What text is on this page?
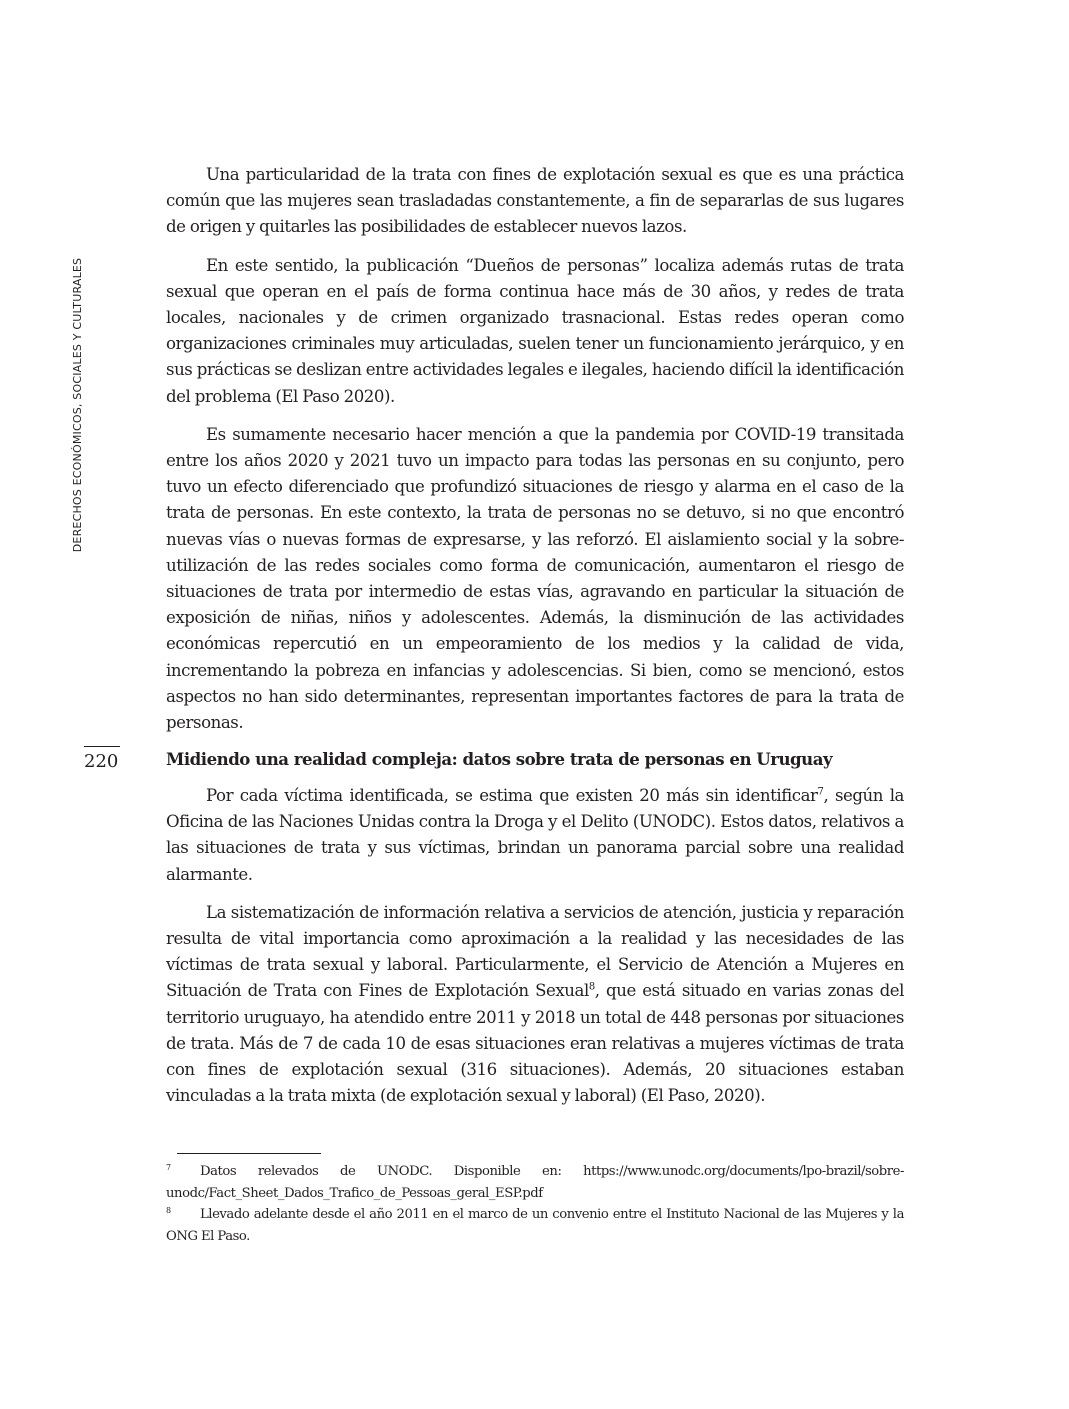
DERECHOS ECONÓMICOS, SOCIALES Y CULTURALES
220

Una particularidad de la trata con fines de explotación sexual es que es una práctica común que las mujeres sean trasladadas constantemente, a fin de separarlas de sus lugares de origen y quitarles las posibilidades de establecer nuevos lazos.

En este sentido, la publicación “Dueños de personas” localiza además rutas de trata sexual que operan en el país de forma continua hace más de 30 años, y redes de trata locales, nacionales y de crimen organizado trasnacional. Estas redes operan como organizaciones criminales muy articuladas, suelen tener un funcionamiento jerárquico, y en sus prácticas se deslizan entre actividades legales e ilegales, haciendo difícil la identificación del problema (El Paso 2020).

Es sumamente necesario hacer mención a que la pandemia por COVID-19 transitada entre los años 2020 y 2021 tuvo un impacto para todas las personas en su conjunto, pero tuvo un efecto diferenciado que profundizó situaciones de riesgo y alarma en el caso de la trata de personas. En este contexto, la trata de personas no se detuvo, si no que encontró nuevas vías o nuevas formas de expresarse, y las reforzó. El aislamiento social y la sobre-utilización de las redes sociales como forma de comunicación, aumentaron el riesgo de situaciones de trata por intermedio de estas vías, agravando en particular la situación de exposición de niñas, niños y adolescentes. Además, la disminución de las actividades económicas repercutió en un empeoramiento de los medios y la calidad de vida, incrementando la pobreza en infancias y adolescencias. Si bien, como se mencionó, estos aspectos no han sido determinantes, representan importantes factores de para la trata de personas.

Midiendo una realidad compleja: datos sobre trata de personas en Uruguay

Por cada víctima identificada, se estima que existen 20 más sin identificar$^7$, según la Oficina de las Naciones Unidas contra la Droga y el Delito (UNODC). Estos datos, relativos a las situaciones de trata y sus víctimas, brindan un panorama parcial sobre una realidad alarmante.

La sistematización de información relativa a servicios de atención, justicia y reparación resulta de vital importancia como aproximación a la realidad y las necesidades de las víctimas de trata sexual y laboral. Particularmente, el Servicio de Atención a Mujeres en Situación de Trata con Fines de Explotación Sexual$^8$, que está situado en varias zonas del territorio uruguayo, ha atendido entre 2011 y 2018 un total de 448 personas por situaciones de trata. Más de 7 de cada 10 de esas situaciones eran relativas a mujeres víctimas de trata con fines de explotación sexual (316 situaciones). Además, 20 situaciones estaban vinculadas a la trata mixta (de explotación sexual y laboral) (El Paso, 2020).

7 Datos relevados de UNODC. Disponible en: https://www.unodc.org/documents/lpo-brazil/sobre-unodc/Fact_Sheet_Dados_Trafico_de_Pessoas_geral_ESP.pdf

8 Llevado adelante desde el año 2011 en el marco de un convenio entre el Instituto Nacional de las Mujeres y la ONG El Paso.
